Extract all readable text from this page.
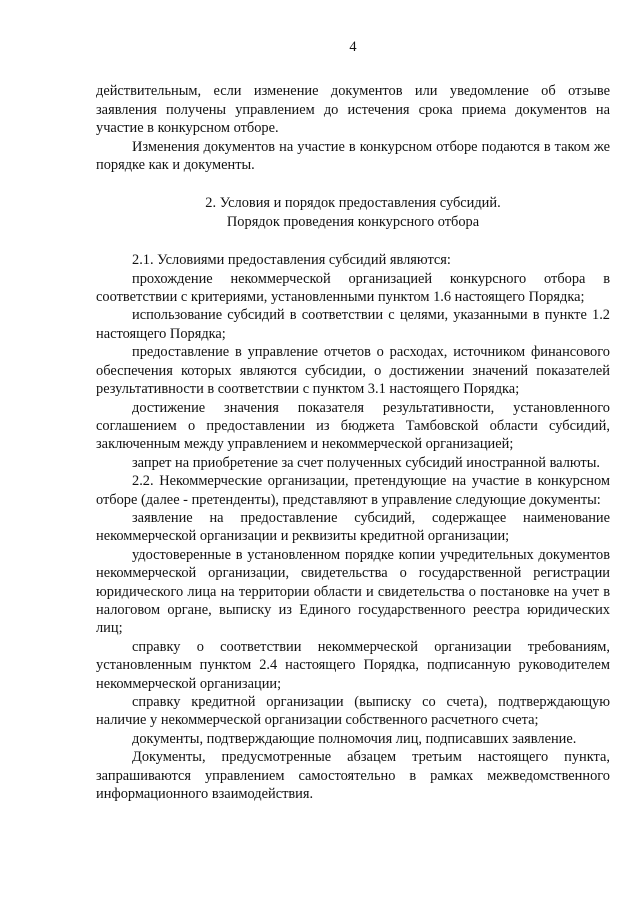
4

действительным, если изменение документов или уведомление об отзыве заявления получены управлением до истечения срока приема документов на участие в конкурсном отборе.

Изменения документов на участие в конкурсном отборе подаются в таком же порядке как и документы.

2. Условия и порядок предоставления субсидий.
Порядок проведения конкурсного отбора

2.1. Условиями предоставления субсидий являются:

прохождение некоммерческой организацией конкурсного отбора в соответствии с критериями, установленными пунктом 1.6 настоящего Порядка;

использование субсидий в соответствии с целями, указанными в пункте 1.2 настоящего Порядка;

предоставление в управление отчетов о расходах, источником финансового обеспечения которых являются субсидии, о достижении значений показателей результативности в соответствии с пунктом 3.1 настоящего Порядка;

достижение значения показателя результативности, установленного соглашением о предоставлении из бюджета Тамбовской области субсидий, заключенным между управлением и некоммерческой организацией;

запрет на приобретение за счет полученных субсидий иностранной валюты.

2.2. Некоммерческие организации, претендующие на участие в конкурсном отборе (далее - претенденты), представляют в управление следующие документы:

заявление на предоставление субсидий, содержащее наименование некоммерческой организации и реквизиты кредитной организации;

удостоверенные в установленном порядке копии учредительных документов некоммерческой организации, свидетельства о государственной регистрации юридического лица на территории области и свидетельства о постановке на учет в налоговом органе, выписку из Единого государственного реестра юридических лиц;

справку о соответствии некоммерческой организации требованиям, установленным пунктом 2.4 настоящего Порядка, подписанную руководителем некоммерческой организации;

справку кредитной организации (выписку со счета), подтверждающую наличие у некоммерческой организации собственного расчетного счета;

документы, подтверждающие полномочия лиц, подписавших заявление.

Документы, предусмотренные абзацем третьим настоящего пункта, запрашиваются управлением самостоятельно в рамках межведомственного информационного взаимодействия.
